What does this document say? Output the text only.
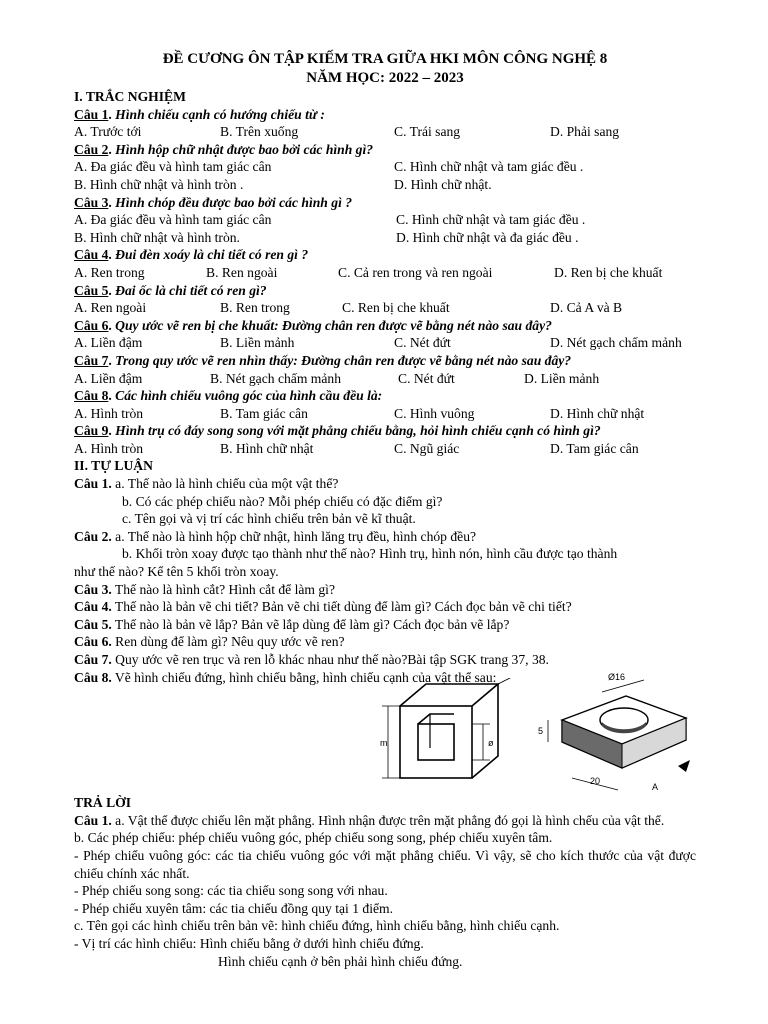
ĐỀ CƯƠNG ÔN TẬP KIẾM TRA GIỮA HKI MÔN CÔNG NGHỆ 8
NĂM HỌC: 2022 – 2023
I. TRẮC NGHIỆM
Câu 1. Hình chiếu cạnh có hướng chiếu từ :
A. Trước tới	B. Trên xuống	C. Trái sang	D. Phải sang
Câu 2. Hình hộp chữ nhật được bao bởi các hình gì?
A. Đa giác đều và hình tam giác cân	C. Hình chữ nhật và tam giác đều .
B. Hình chữ nhật và hình tròn .	D. Hình chữ nhật.
Câu 3. Hình chóp đều được bao bởi các hình gì ?
A. Đa giác đều và hình tam giác cân	C. Hình chữ nhật và tam giác đều .
B. Hình chữ nhật và hình tròn.	D. Hình chữ nhật và đa giác đều .
Câu 4. Đui đèn xoáy là chi tiết có ren gì ?
A. Ren trong	B. Ren ngoài	C. Cả ren trong và ren ngoài	D. Ren bị che khuất
Câu 5. Đai ốc là chi tiết có ren gì?
A. Ren ngoài	B. Ren trong	C. Ren bị che khuất	D. Cả A và B
Câu 6. Quy ước vẽ ren bị che khuất: Đường chân ren được vẽ bằng nét nào sau đây?
A. Liền đậm	B. Liền mảnh	C. Nét đứt	D. Nét gạch chấm mảnh
Câu 7. Trong quy ước vẽ ren nhìn thấy: Đường chân ren được vẽ bằng nét nào sau đây?
A. Liền đậm	B. Nét gạch chấm mảnh	C. Nét đứt	D. Liền mảnh
Câu 8. Các hình chiếu vuông góc của hình cầu đều là:
A. Hình tròn	B. Tam giác cân	C. Hình vuông	D. Hình chữ nhật
Câu 9. Hình trụ có đáy song song với mặt phẳng chiếu bằng, hỏi hình chiếu cạnh có hình gì?
A. Hình tròn	B. Hình chữ nhật	C. Ngũ giác	D. Tam giác cân
II. TỰ LUẬN
Câu 1. a. Thế nào là hình chiếu của một vật thể?
b. Có các phép chiếu nào? Mỗi phép chiếu có đặc điểm gì?
c. Tên gọi và vị trí các hình chiếu trên bản vẽ kĩ thuật.
Câu 2. a. Thế nào là hình hộp chữ nhật, hình lăng trụ đều, hình chóp đều?
b. Khối tròn xoay được tạo thành như thế nào? Hình trụ, hình nón, hình cầu được tạo thành
như thế nào? Kể tên 5 khối tròn xoay.
Câu 3. Thế nào là hình cắt? Hình cắt để làm gì?
Câu 4. Thế nào là bản vẽ chi tiết? Bản vẽ chi tiết dùng để làm gì? Cách đọc bản vẽ chi tiết?
Câu 5. Thế nào là bản vẽ lắp? Bản vẽ lắp dùng để làm gì? Cách đọc bản vẽ lắp?
Câu 6. Ren dùng để làm gì? Nêu quy ước vẽ ren?
Câu 7. Quy ước vẽ ren trục và ren lỗ khác nhau như thế nào?Bài tập SGK trang 37, 38.
Câu 8. Vẽ hình chiếu đứng, hình chiếu bằng, hình chiếu cạnh của vật thể sau:
m	ø
Ø16
5
20
A
TRẢ LỜI
Câu 1. a. Vật thể được chiếu lên mặt phẳng. Hình nhận được trên mặt phẳng đó gọi là hình chếu của vật thể.
b. Các phép chiếu: phép chiếu vuông góc, phép chiếu song song, phép chiếu xuyên tâm.
- Phép chiếu vuông góc: các tia chiếu vuông góc với mặt phẳng chiếu. Vì vậy, sẽ cho kích thước của vật được chiếu chính xác nhất.
- Phép chiếu song song: các tia chiếu song song với nhau.
- Phép chiếu xuyên tâm: các tia chiếu đồng quy tại 1 điểm.
c. Tên gọi các hình chiếu trên bản vẽ: hình chiếu đứng, hình chiếu bằng, hình chiếu cạnh.
- Vị trí các hình chiếu: Hình chiếu bằng ở dưới hình chiếu đứng.
Hình chiếu cạnh ở bên phải hình chiếu đứng.
